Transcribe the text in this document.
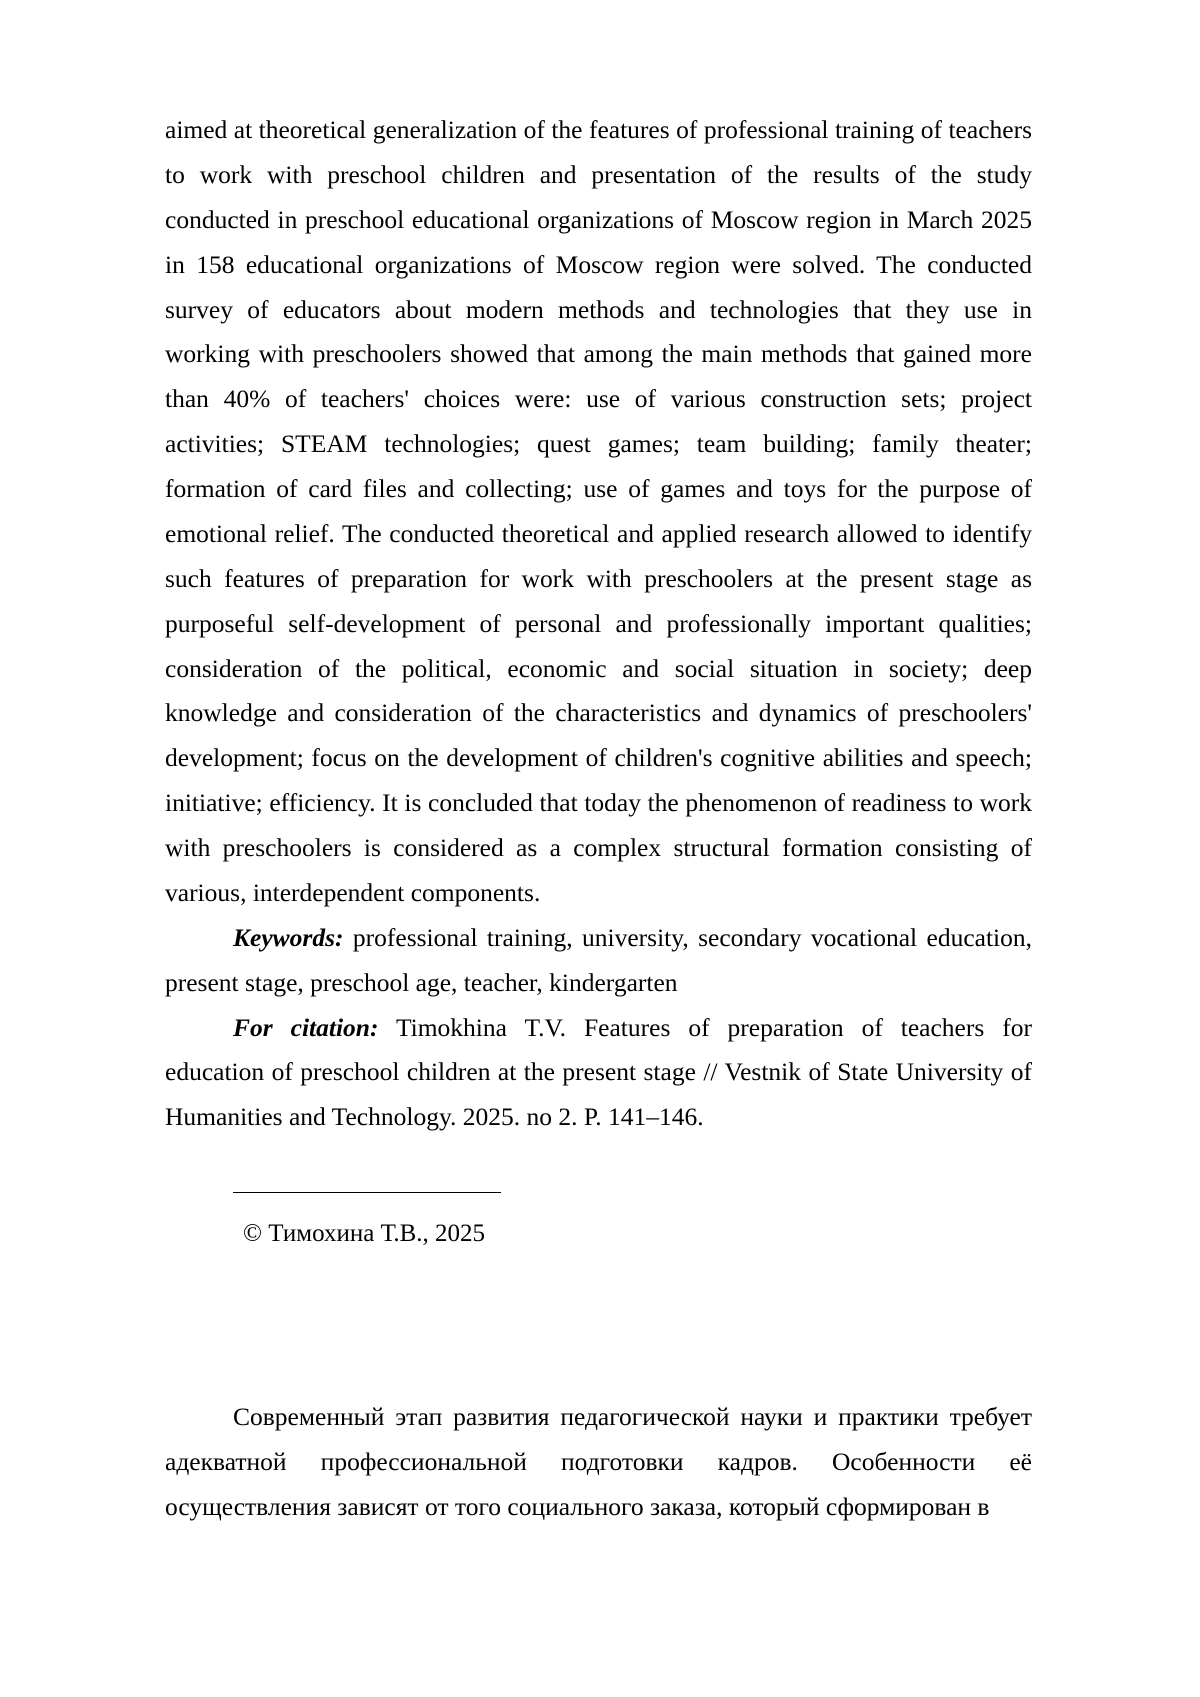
aimed at theoretical generalization of the features of professional training of teachers to work with preschool children and presentation of the results of the study conducted in preschool educational organizations of Moscow region in March 2025 in 158 educational organizations of Moscow region were solved. The conducted survey of educators about modern methods and technologies that they use in working with preschoolers showed that among the main methods that gained more than 40% of teachers' choices were: use of various construction sets; project activities; STEAM technologies; quest games; team building; family theater; formation of card files and collecting; use of games and toys for the purpose of emotional relief. The conducted theoretical and applied research allowed to identify such features of preparation for work with preschoolers at the present stage as purposeful self-development of personal and professionally important qualities; consideration of the political, economic and social situation in society; deep knowledge and consideration of the characteristics and dynamics of preschoolers' development; focus on the development of children's cognitive abilities and speech; initiative; efficiency. It is concluded that today the phenomenon of readiness to work with preschoolers is considered as a complex structural formation consisting of various, interdependent components.

Keywords: professional training, university, secondary vocational education, present stage, preschool age, teacher, kindergarten

For citation: Timokhina T.V. Features of preparation of teachers for education of preschool children at the present stage // Vestnik of State University of Humanities and Technology. 2025. no 2. P. 141–146.

© Тимохина Т.В., 2025

Современный этап развития педагогической науки и практики требует адекватной профессиональной подготовки кадров. Особенности её осуществления зависят от того социального заказа, который сформирован в
